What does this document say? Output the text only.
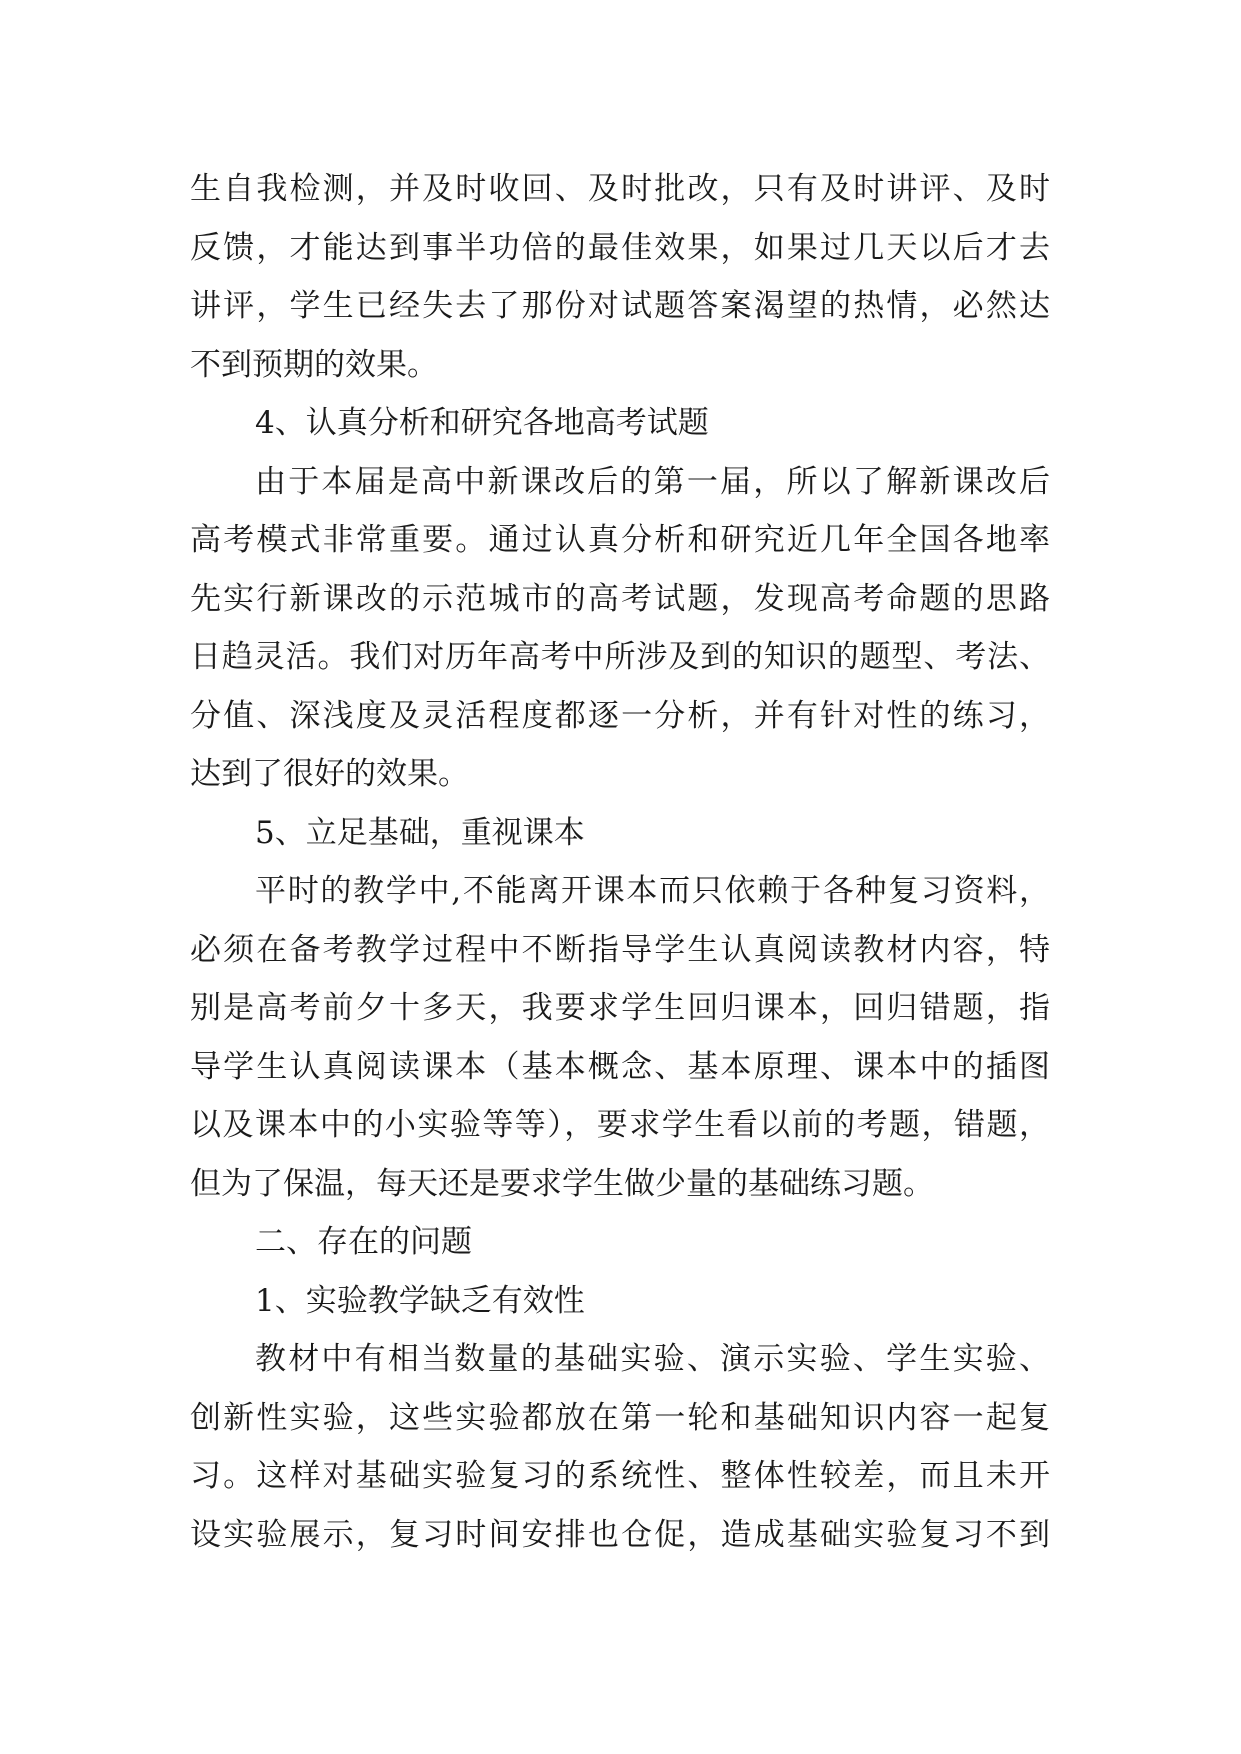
生自我检测，并及时收回、及时批改，只有及时讲评、及时
反馈，才能达到事半功倍的最佳效果，如果过几天以后才去
讲评，学生已经失去了那份对试题答案渴望的热情，必然达
不到预期的效果。
4、认真分析和研究各地高考试题
由于本届是高中新课改后的第一届，所以了解新课改后
高考模式非常重要。通过认真分析和研究近几年全国各地率
先实行新课改的示范城市的高考试题，发现高考命题的思路
日趋灵活。我们对历年高考中所涉及到的知识的题型、考法、
分值、深浅度及灵活程度都逐一分析，并有针对性的练习，
达到了很好的效果。
5、立足基础，重视课本
平时的教学中,不能离开课本而只依赖于各种复习资料，
必须在备考教学过程中不断指导学生认真阅读教材内容，特
别是高考前夕十多天，我要求学生回归课本，回归错题，指
导学生认真阅读课本（基本概念、基本原理、课本中的插图
以及课本中的小实验等等），要求学生看以前的考题，错题，
但为了保温，每天还是要求学生做少量的基础练习题。
二、存在的问题
1、实验教学缺乏有效性
教材中有相当数量的基础实验、演示实验、学生实验、
创新性实验，这些实验都放在第一轮和基础知识内容一起复
习。这样对基础实验复习的系统性、整体性较差，而且未开
设实验展示，复习时间安排也仓促，造成基础实验复习不到
